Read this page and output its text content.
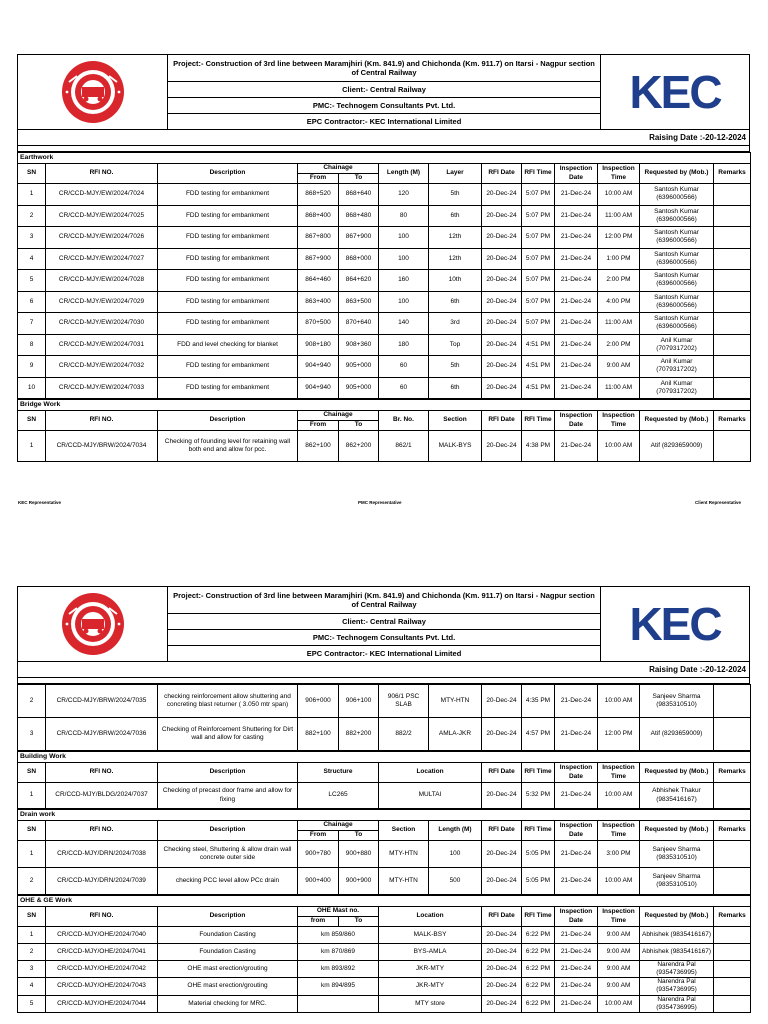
	Project:- Construction of 3rd line between Maramjhiri (Km. 841.9) and Chichonda (Km. 911.7) on Itarsi - Nagpur section of Central Railway	KEC

Client:- Central Railway
PMC:- Technogem Consultants Pvt. Ltd.
EPC Contractor:- KEC International Limited
Raising Date :-20-12-2024

Earthwork												
SN	RFI NO.	Description	Chainage		Length (M)	Layer	RFI Date	RFI Time	Inspection Date	Inspection Time	Requested by (Mob.)	Remarks
			From	To								
1	CR/CCD-MJY/EW/2024/7024	FDD testing for embankment	868+520	868+640	120	5th	20-Dec-24	5:07 PM	21-Dec-24	10:00 AM	Santosh Kumar (6396000566)	
2	CR/CCD-MJY/EW/2024/7025	FDD testing for embankment	868+400	868+480	80	6th	20-Dec-24	5:07 PM	21-Dec-24	11:00 AM	Santosh Kumar (6396000566)	
3	CR/CCD-MJY/EW/2024/7026	FDD testing for embankment	867+800	867+900	100	12th	20-Dec-24	5:07 PM	21-Dec-24	12:00 PM	Santosh Kumar (6396000566)	
4	CR/CCD-MJY/EW/2024/7027	FDD testing for embankment	867+900	868+000	100	12th	20-Dec-24	5:07 PM	21-Dec-24	1:00 PM	Santosh Kumar (6396000566)	
5	CR/CCD-MJY/EW/2024/7028	FDD testing for embankment	864+460	864+620	160	10th	20-Dec-24	5:07 PM	21-Dec-24	2:00 PM	Santosh Kumar (6396000566)	
6	CR/CCD-MJY/EW/2024/7029	FDD testing for embankment	863+400	863+500	100	6th	20-Dec-24	5:07 PM	21-Dec-24	4:00 PM	Santosh Kumar (6396000566)	
7	CR/CCD-MJY/EW/2024/7030	FDD testing for embankment	870+500	870+640	140	3rd	20-Dec-24	5:07 PM	21-Dec-24	11:00 AM	Santosh Kumar (6396000566)	
8	CR/CCD-MJY/EW/2024/7031	FDD and level checking for blanket	908+180	908+360	180	Top	20-Dec-24	4:51 PM	21-Dec-24	2:00 PM	Anil Kumar (7079317202)	
9	CR/CCD-MJY/EW/2024/7032	FDD testing for embankment	904+940	905+000	60	5th	20-Dec-24	4:51 PM	21-Dec-24	9:00 AM	Anil Kumar (7079317202)	
10	CR/CCD-MJY/EW/2024/7033	FDD testing for embankment	904+940	905+000	60	6th	20-Dec-24	4:51 PM	21-Dec-24	11:00 AM	Anil Kumar (7079317202)	
Bridge Work												
SN	RFI NO.	Description	Chainage		Br. No.	Section	RFI Date	RFI Time	Inspection Date	Inspection Time	Requested by (Mob.)	Remarks
			From	To								
1	CR/CCD-MJY/BRW/2024/7034	Checking of founding level for retaining wall both end and allow for pcc.	862+100	862+200	862/1	MALK-BYS	20-Dec-24	4:38 PM	21-Dec-24	10:00 AM	Atif (8293659009)	
KEC Representative	PMC Representative	Client Representative
	Project:- Construction of 3rd line between Maramjhiri (Km. 841.9) and Chichonda (Km. 911.7) on Itarsi - Nagpur section of Central Railway	KEC

Client:- Central Railway
PMC:- Technogem Consultants Pvt. Ltd.
EPC Contractor:- KEC International Limited
Raising Date :-20-12-2024

2	CR/CCD-MJY/BRW/2024/7035	checking reinforcement allow shuttering and concreting blast returner ( 3.050 mtr span)	906+000	906+100	906/1 PSC SLAB	MTY-HTN	20-Dec-24	4:35 PM	21-Dec-24	10:00 AM	Sanjeev Sharma (9835310510)	
3	CR/CCD-MJY/BRW/2024/7036	Checking of Reinforcement Shuttering for Dirt wall and allow for casting	882+100	882+200	882/2	AMLA-JKR	20-Dec-24	4:57 PM	21-Dec-24	12:00 PM	Atif (8293659009)	
Building Work										
SN	RFI NO.	Description	Structure	Location	RFI Date	RFI Time	Inspection Date	Inspection Time	Requested by (Mob.)	Remarks
1	CR/CCD-MJY/BLDG/2024/7037	Checking of precast door frame and allow for fixing	LC265	MULTAI	20-Dec-24	5:32 PM	21-Dec-24	10:00 AM	Abhishek Thakur (9835416167)	
Drain work												
SN	RFI NO.	Description	Chainage		Section	Length (M)	RFI Date	RFI Time	Inspection Date	Inspection Time	Requested by (Mob.)	Remarks
			From	To								
1	CR/CCD-MJY/DRN/2024/7038	Checking steel, Shuttering & allow drain wall concrete outer side	900+780	900+880	MTY-HTN	100	20-Dec-24	5:05 PM	21-Dec-24	3:00 PM	Sanjeev Sharma (9835310510)	
2	CR/CCD-MJY/DRN/2024/7039	checking PCC level allow PCc drain	900+400	900+900	MTY-HTN	500	20-Dec-24	5:05 PM	21-Dec-24	10:00 AM	Sanjeev Sharma (9835310510)	
OHE & GE Work											
SN	RFI NO.	Description	OHE Mast no.		Location	RFI Date	RFI Time	Inspection Date	Inspection Time	Requested by (Mob.)	Remarks
			from	To							
1	CR/CCD-MJY/OHE/2024/7040	Foundation Casting	km 859/860		MALK-BSY	20-Dec-24	6:22 PM	21-Dec-24	9:00 AM	Abhishek (9835416167)	
2	CR/CCD-MJY/OHE/2024/7041	Foundation Casting	km 870/869		BYS-AMLA	20-Dec-24	6:22 PM	21-Dec-24	9:00 AM	Abhishek (9835416167)	
3	CR/CCD-MJY/OHE/2024/7042	OHE mast erection/grouting	km 893/892		JKR-MTY	20-Dec-24	6:22 PM	21-Dec-24	9:00 AM	Narendra Pal (9354736995)	
4	CR/CCD-MJY/OHE/2024/7043	OHE mast erection/grouting	km 894/895		JKR-MTY	20-Dec-24	6:22 PM	21-Dec-24	9:00 AM	Narendra Pal (9354736995)	
5	CR/CCD-MJY/OHE/2024/7044	Material checking for MRC.			MTY store	20-Dec-24	6:22 PM	21-Dec-24	10:00 AM	Narendra Pal (9354736995)	
